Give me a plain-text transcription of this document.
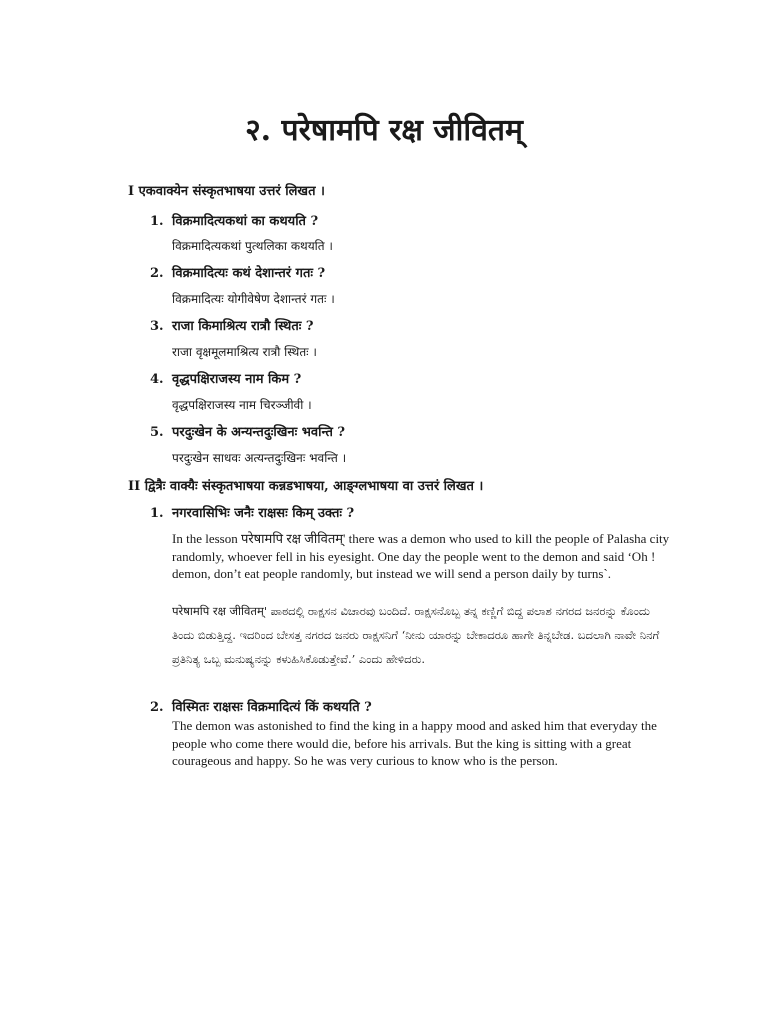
२. परेषामपि रक्ष जीवितम्

I एकवाक्येन संस्कृतभाषया उत्तरं लिखत ।

1. विक्रमादित्यकथां का कथयति ?

विक्रमादित्यकथां पुत्थलिका कथयति ।

2. विक्रमादित्यः कथं देशान्तरं गतः ?

विक्रमादित्यः योगीवेषेण देशान्तरं गतः ।

3. राजा किमाश्रित्य रात्रौ स्थितः ?

राजा वृक्षमूलमाश्रित्य रात्रौ स्थितः ।

4. वृद्धपक्षिराजस्य नाम किम ?

वृद्धपक्षिराजस्य नाम चिरञ्जीवी ।

5. परदुःखेन के अन्यन्तदुःखिनः भवन्ति ?

परदुःखेन साधवः अत्यन्तदुःखिनः भवन्ति ।

II द्वित्रैः वाक्यैः संस्कृतभाषया कन्नडभाषया, आङ्ग्लभाषया वा उत्तरं लिखत ।

1. नगरवासिभिः जनैः राक्षसः किम् उक्तः ?

In the lesson परेषामपि रक्ष जीवितम्' there was a demon who used to kill the people of Palasha city randomly, whoever fell in his eyesight. One day the people went to the demon and said ‘Oh ! demon, don’t eat people randomly, but instead we will send a person daily by turns`.

परेषामपि रक्ष जीवितम्' ಪಾಠದಲ್ಲಿ ರಾಕ್ಷಸನ ವಿಚಾರವು ಬಂದಿದೆ. ರಾಕ್ಷಸನೊಬ್ಬ ತನ್ನ ಕಣ್ಣಿಗೆ ಬಿದ್ದ ಪಲಾಶ ನಗರದ ಜನರನ್ನು ಕೊಂದು ತಿಂದು ಬಿಡುತ್ತಿದ್ದ. ಇದರಿಂದ ಬೇಸತ್ತ ನಗರದ ಜನರು ರಾಕ್ಷಸನಿಗೆ ‘ನೀನು ಯಾರನ್ನು ಬೇಕಾದರೂ ಹಾಗೇ ತಿನ್ನಬೇಡ. ಬದಲಾಗಿ ನಾವೇ ನಿನಗೆ ಪ್ರತಿನಿತ್ಯ ಒಬ್ಬ ಮನುಷ್ಯನನ್ನು ಕಳುಹಿಸಿಕೊಡುತ್ತೇವೆ.’ ಎಂದು ಹೇಳಿದರು.

2. विस्मितः राक्षसः विक्रमादित्यं किं कथयति ?

The demon was astonished to find the king in a happy mood and asked him that everyday the people who come there would die, before his arrivals. But the king is sitting with a great courageous and happy. So he was very curious to know who is the person.
